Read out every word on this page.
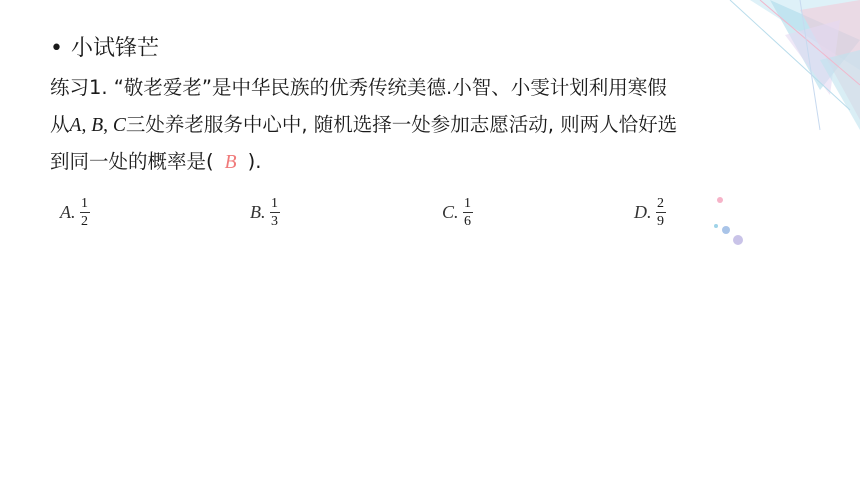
• 小试锋芒
练习1. “敬老爱老”是中华民族的优秀传统美德.小智、小雯计划利用寒假
从A, B, C三处养老服务中心中, 随机选择一处参加志愿活动, 则两人恰好选
到同一处的概率是( B ).
A. $\frac{1}{2}$	B. $\frac{1}{3}$	C. $\frac{1}{6}$	D. $\frac{2}{9}$
